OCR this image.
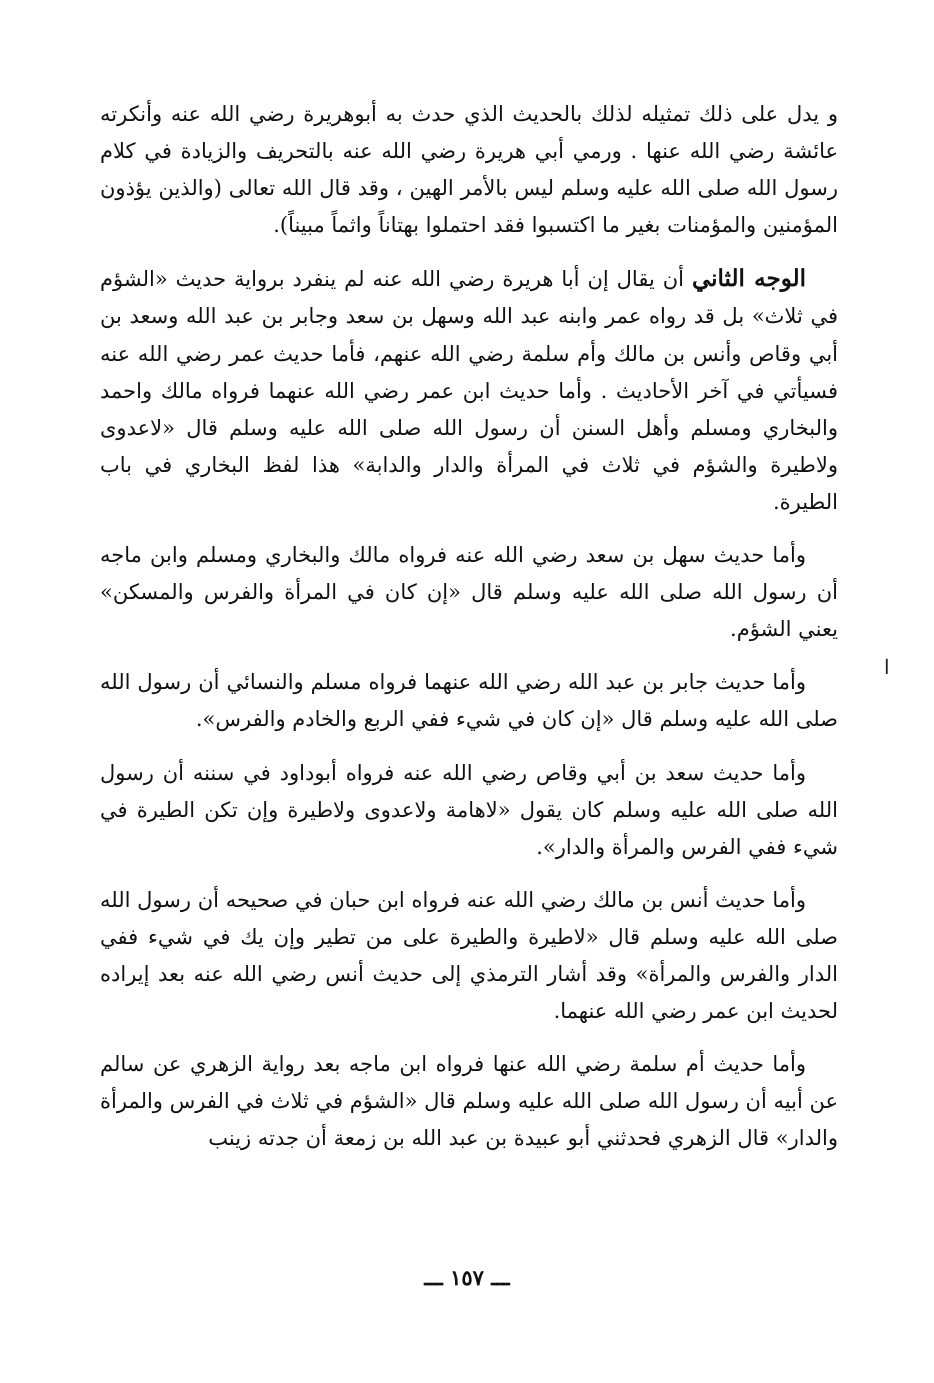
و يدل على ذلك تمثيله لذلك بالحديث الذي حدث به أبوهريرة رضي الله عنه وأنكرته عائشة رضي الله عنها . ورمي أبي هريرة رضي الله عنه بالتحريف والزيادة في كلام رسول الله صلى الله عليه وسلم ليس بالأمر الهين ، وقد قال الله تعالى (والذين يؤذون المؤمنين والمؤمنات بغير ما اكتسبوا فقد احتملوا بهتاناً واثماً مبيناً).

الوجه الثاني أن يقال إن أبا هريرة رضي الله عنه لم ينفرد برواية حديث «الشؤم في ثلاث» بل قد رواه عمر وابنه عبد الله وسهل بن سعد وجابر بن عبد الله وسعد بن أبي وقاص وأنس بن مالك وأم سلمة رضي الله عنهم، فأما حديث عمر رضي الله عنه فسيأتي في آخر الأحاديث . وأما حديث ابن عمر رضي الله عنهما فرواه مالك واحمد والبخاري ومسلم وأهل السنن أن رسول الله صلى الله عليه وسلم قال «لاعدوى ولاطيرة والشؤم في ثلاث في المرأة والدار والدابة» هذا لفظ البخاري في باب الطيرة.

وأما حديث سهل بن سعد رضي الله عنه فرواه مالك والبخاري ومسلم وابن ماجه أن رسول الله صلى الله عليه وسلم قال «إن كان في المرأة والفرس والمسكن» يعني الشؤم.

وأما حديث جابر بن عبد الله رضي الله عنهما فرواه مسلم والنسائي أن رسول الله صلى الله عليه وسلم قال «إن كان في شيء ففي الربع والخادم والفرس».

وأما حديث سعد بن أبي وقاص رضي الله عنه فرواه أبوداود في سننه أن رسول الله صلى الله عليه وسلم كان يقول «لاهامة ولاعدوى ولاطيرة وإن تكن الطيرة في شيء ففي الفرس والمرأة والدار».

وأما حديث أنس بن مالك رضي الله عنه فرواه ابن حبان في صحيحه أن رسول الله صلى الله عليه وسلم قال «لاطيرة والطيرة على من تطير وإن يك في شيء ففي الدار والفرس والمرأة» وقد أشار الترمذي إلى حديث أنس رضي الله عنه بعد إيراده لحديث ابن عمر رضي الله عنهما.

وأما حديث أم سلمة رضي الله عنها فرواه ابن ماجه بعد رواية الزهري عن سالم عن أبيه أن رسول الله صلى الله عليه وسلم قال «الشؤم في ثلاث في الفرس والمرأة والدار» قال الزهري فحدثني أبو عبيدة بن عبد الله بن زمعة أن جدته زينب

ا
ـــ ١٥٧ ـــ
